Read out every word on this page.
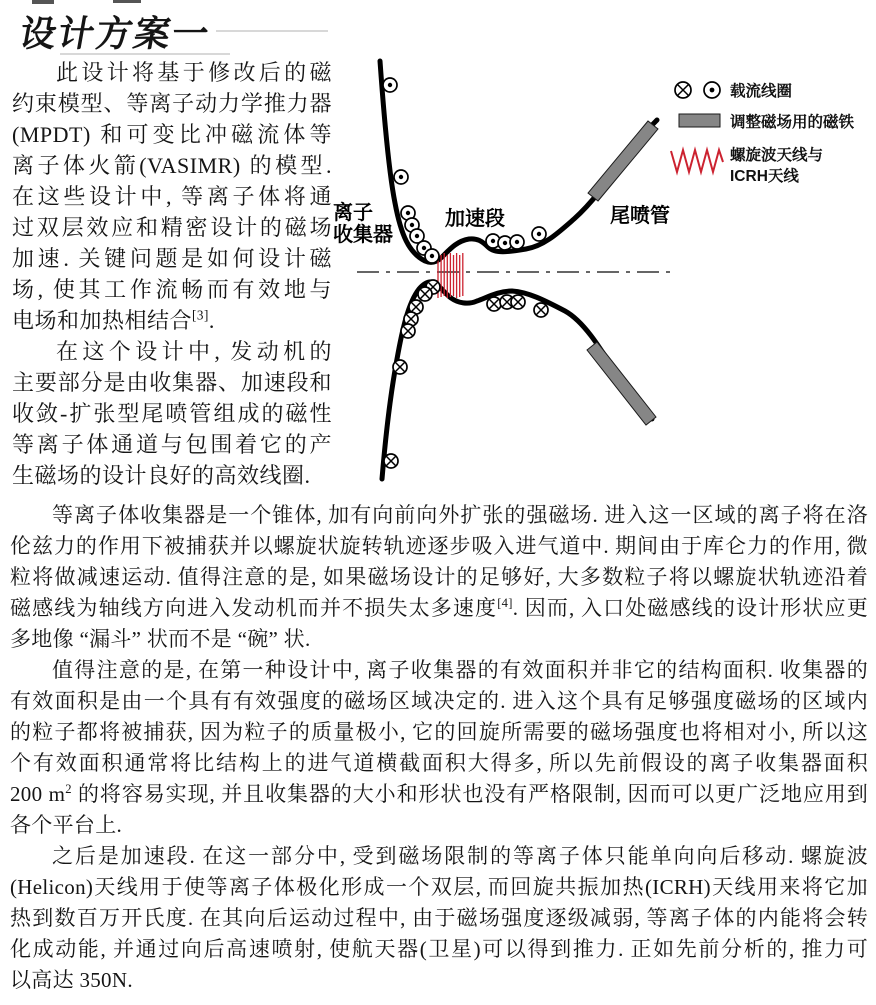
设计方案一
此设计将基于修改后的磁
约束模型、等离子动力学推力器
(MPDT) 和可变比冲磁流体等
离子体火箭(VASIMR) 的模型.
在这些设计中, 等离子体将通
过双层效应和精密设计的磁场
加速. 关键问题是如何设计磁
场, 使其工作流畅而有效地与
电场和加热相结合[3].
在这个设计中, 发动机的
主要部分是由收集器、加速段和
收敛-扩张型尾喷管组成的磁性
等离子体通道与包围着它的产
生磁场的设计良好的高效线圈.
离子
收集器
加速段	尾喷管
载流线圈
调整磁场用的磁铁
螺旋波天线与
ICRH天线
等离子体收集器是一个锥体, 加有向前向外扩张的强磁场. 进入这一区域的离子将在洛
伦兹力的作用下被捕获并以螺旋状旋转轨迹逐步吸入进气道中. 期间由于库仑力的作用, 微
粒将做减速运动. 值得注意的是, 如果磁场设计的足够好, 大多数粒子将以螺旋状轨迹沿着
磁感线为轴线方向进入发动机而并不损失太多速度[4]. 因而, 入口处磁感线的设计形状应更
多地像 “漏斗” 状而不是 “碗” 状.
值得注意的是, 在第一种设计中, 离子收集器的有效面积并非它的结构面积. 收集器的
有效面积是由一个具有有效强度的磁场区域决定的. 进入这个具有足够强度磁场的区域内
的粒子都将被捕获, 因为粒子的质量极小, 它的回旋所需要的磁场强度也将相对小, 所以这
个有效面积通常将比结构上的进气道横截面积大得多, 所以先前假设的离子收集器面积
200 $m^2$ 的将容易实现, 并且收集器的大小和形状也没有严格限制, 因而可以更广泛地应用到
各个平台上.
之后是加速段. 在这一部分中, 受到磁场限制的等离子体只能单向向后移动. 螺旋波
(Helicon)天线用于使等离子体极化形成一个双层, 而回旋共振加热(ICRH)天线用来将它加
热到数百万开氏度. 在其向后运动过程中, 由于磁场强度逐级减弱, 等离子体的内能将会转
化成动能, 并通过向后高速喷射, 使航天器(卫星)可以得到推力. 正如先前分析的, 推力可
以高达 350N.
